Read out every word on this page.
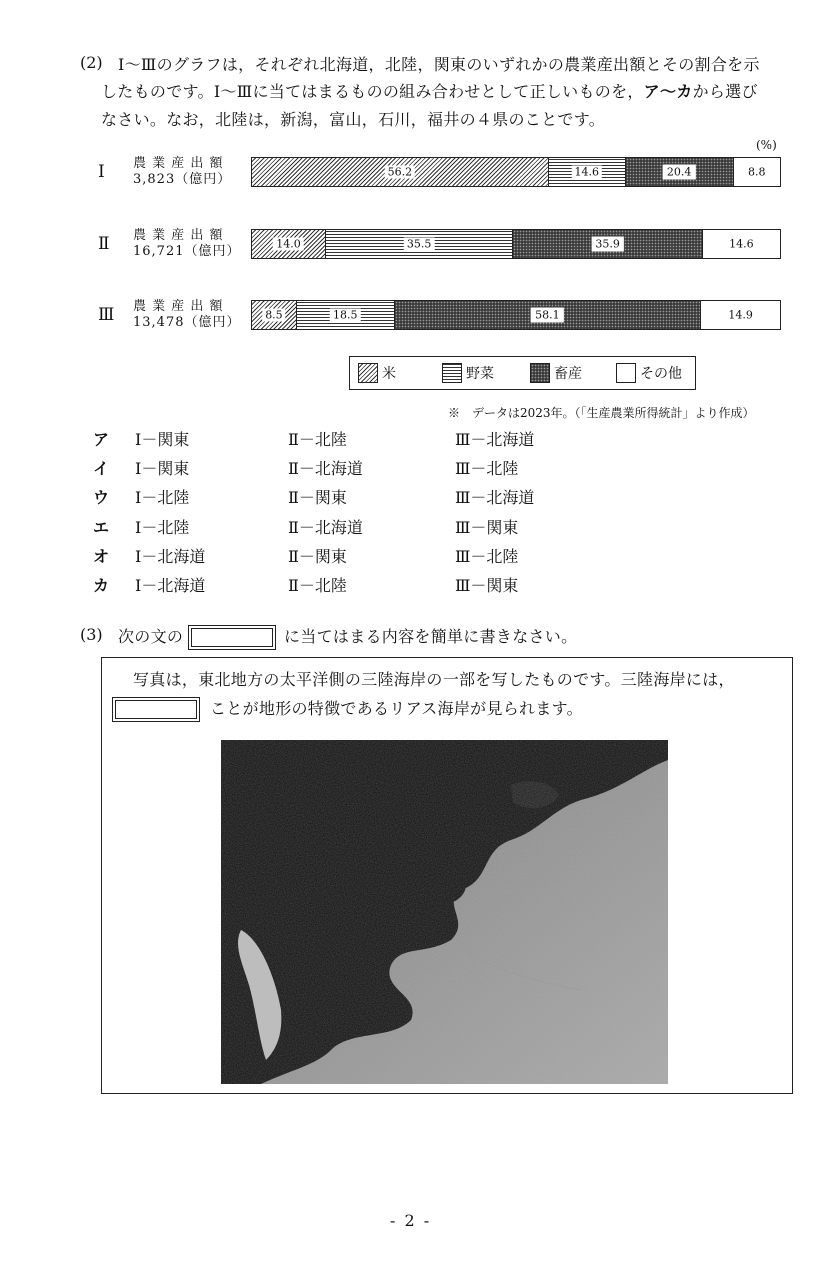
(2) Ⅰ～Ⅲのグラフは，それぞれ北海道，北陸，関東のいずれかの農業産出額とその割合を示
したものです。Ⅰ～Ⅲに当てはまるものの組み合わせとして正しいものを，ア～カから選び
なさい。なお，北陸は，新潟，富山，石川，福井の４県のことです。
(%)
Ⅰ 農 業 産 出 額
3,823（億円）	56.2	14.6	20.4	8.8
Ⅱ 農 業 産 出 額
16,721（億円）	14.0	35.5	35.9	14.6
Ⅲ 農 業 産 出 額
13,478（億円） 8.5	18.5	58.1	14.9
米	野菜	畜産	その他
※　データは2023年。（「生産農業所得統計」より作成）
ア Ⅰ－関東	Ⅱ－北陸	Ⅲ－北海道
イ Ⅰ－関東	Ⅱ－北海道	Ⅲ－北陸
ウ Ⅰ－北陸	Ⅱ－関東	Ⅲ－北海道
エ Ⅰ－北陸	Ⅱ－北海道	Ⅲ－関東
オ Ⅰ－北海道	Ⅱ－関東	Ⅲ－北陸
カ Ⅰ－北海道	Ⅱ－北陸	Ⅲ－関東
(3) 次の文の	に当てはまる内容を簡単に書きなさい。
写真は，東北地方の太平洋側の三陸海岸の一部を写したものです。三陸海岸には，
ことが地形の特徴であるリアス海岸が見られます。
- 2 -
